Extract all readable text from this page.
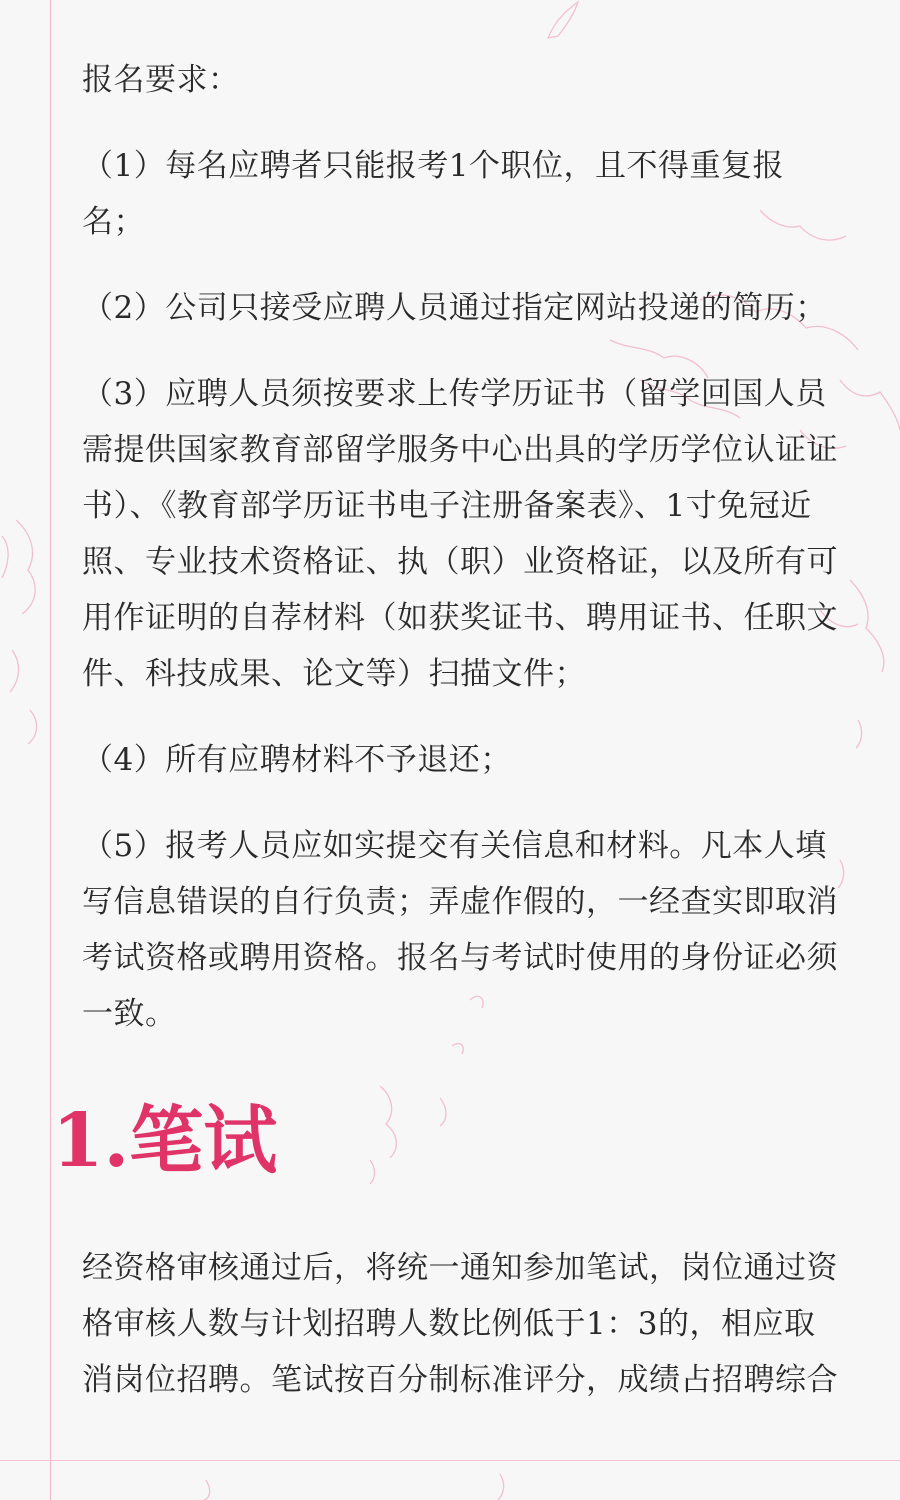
报名要求：

（1）每名应聘者只能报考1个职位，且不得重复报
名；

（2）公司只接受应聘人员通过指定网站投递的简历；

（3）应聘人员须按要求上传学历证书（留学回国人员
需提供国家教育部留学服务中心出具的学历学位认证证
书）、《教育部学历证书电子注册备案表》、1寸免冠近
照、专业技术资格证、执（职）业资格证，以及所有可
用作证明的自荐材料（如获奖证书、聘用证书、任职文
件、科技成果、论文等）扫描文件；

（4）所有应聘材料不予退还；

（5）报考人员应如实提交有关信息和材料。凡本人填
写信息错误的自行负责；弄虚作假的，一经查实即取消
考试资格或聘用资格。报名与考试时使用的身份证必须
一致。

1.笔试

经资格审核通过后，将统一通知参加笔试，岗位通过资
格审核人数与计划招聘人数比例低于1：3的，相应取
消岗位招聘。笔试按百分制标准评分，成绩占招聘综合
